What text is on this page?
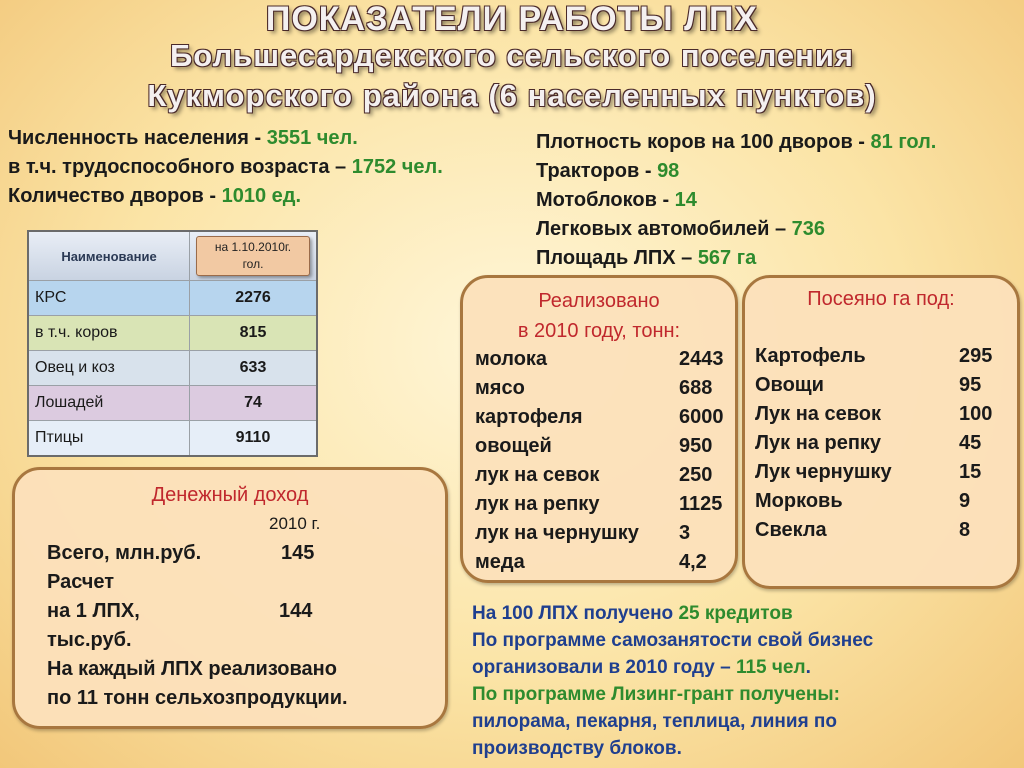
ПОКАЗАТЕЛИ РАБОТЫ ЛПХ
Большесардекского сельского поселения
Кукморского района (6 населенных пунктов)
Численность населения - 3551 чел.
в т.ч. трудоспособного возраста – 1752 чел.
Количество дворов - 1010 ед.
Плотность коров на 100 дворов - 81 гол.
Тракторов - 98
Мотоблоков - 14
Легковых автомобилей – 736
Площадь ЛПХ – 567 га
Наименование	на 1.10.2010г.
гол.

КРС	2276
в т.ч. коров	815
Овец и коз	633
Лошадей	74
Птицы	9110
Реализовано
в 2010 году, тонн:
молока	2443
мясо	688
картофеля	6000
овощей	950
лук на севок	250
лук на репку	1125
лук на чернушку 3
меда	4,2
Посеяно га под:
Картофель	295
Овощи	95
Лук на севок	100
Лук на репку	45
Лук чернушку	15
Морковь	9
Свекла	8
Денежный доход
2010 г.
Всего, млн.руб.	145
Расчет
на 1 ЛПХ,	144
тыс.руб.
На каждый ЛПХ реализовано
по 11 тонн сельхозпродукции.
На 100 ЛПХ получено 25 кредитов
По программе самозанятости свой бизнес
организовали в 2010 году – 115 чел.
По программе Лизинг-грант получены:
пилорама, пекарня, теплица, линия по
производству блоков.
